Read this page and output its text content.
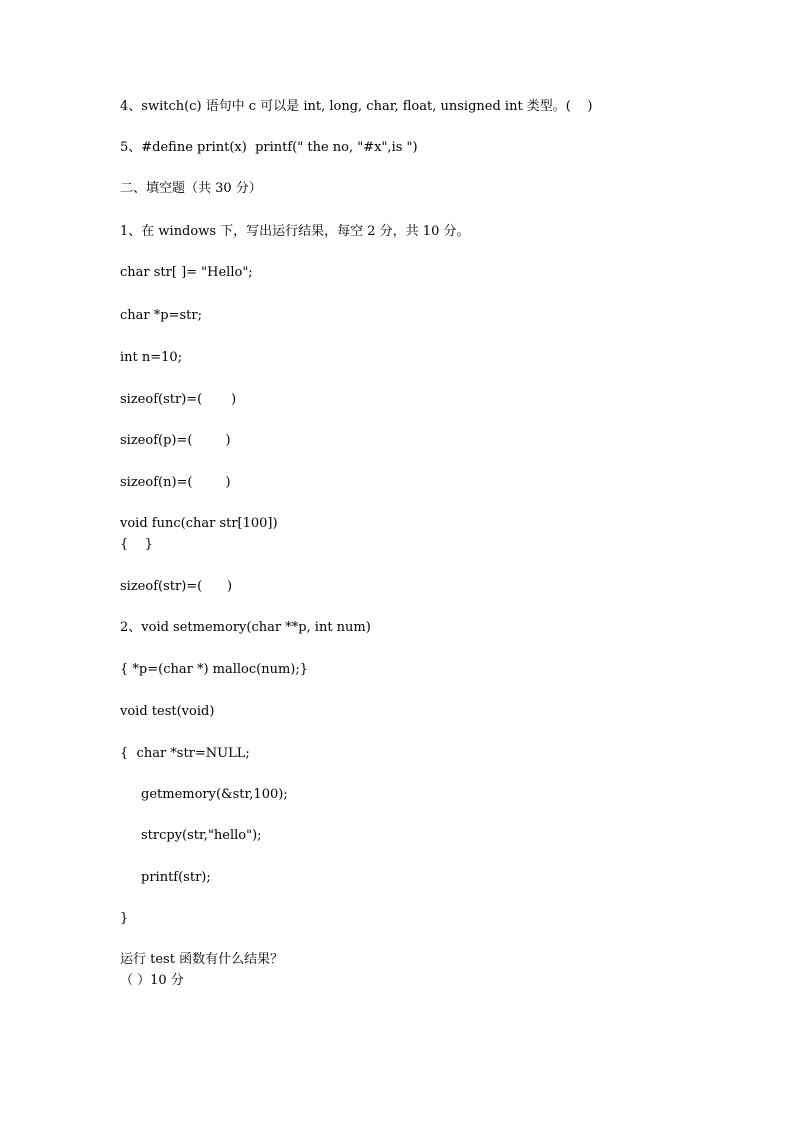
4、switch(c) 语句中 c 可以是 int, long, char, float, unsigned int 类型。(    )
5、#define print(x)  printf(" the no, "#x",is ")
二、填空题（共 30 分）
1、在 windows 下，写出运行结果，每空 2 分，共 10 分。
char str[ ]= "Hello";
char *p=str;
int n=10;
sizeof(str)=(       )
sizeof(p)=(        )
sizeof(n)=(        )
void func(char str[100])
{    }
sizeof(str)=(      )
2、void setmemory(char **p, int num)
{ *p=(char *) malloc(num);}
void test(void)
{  char *str=NULL;
getmemory(&str,100);
strcpy(str,"hello");
printf(str);
}
运行 test 函数有什么结果？
（ ）10 分
